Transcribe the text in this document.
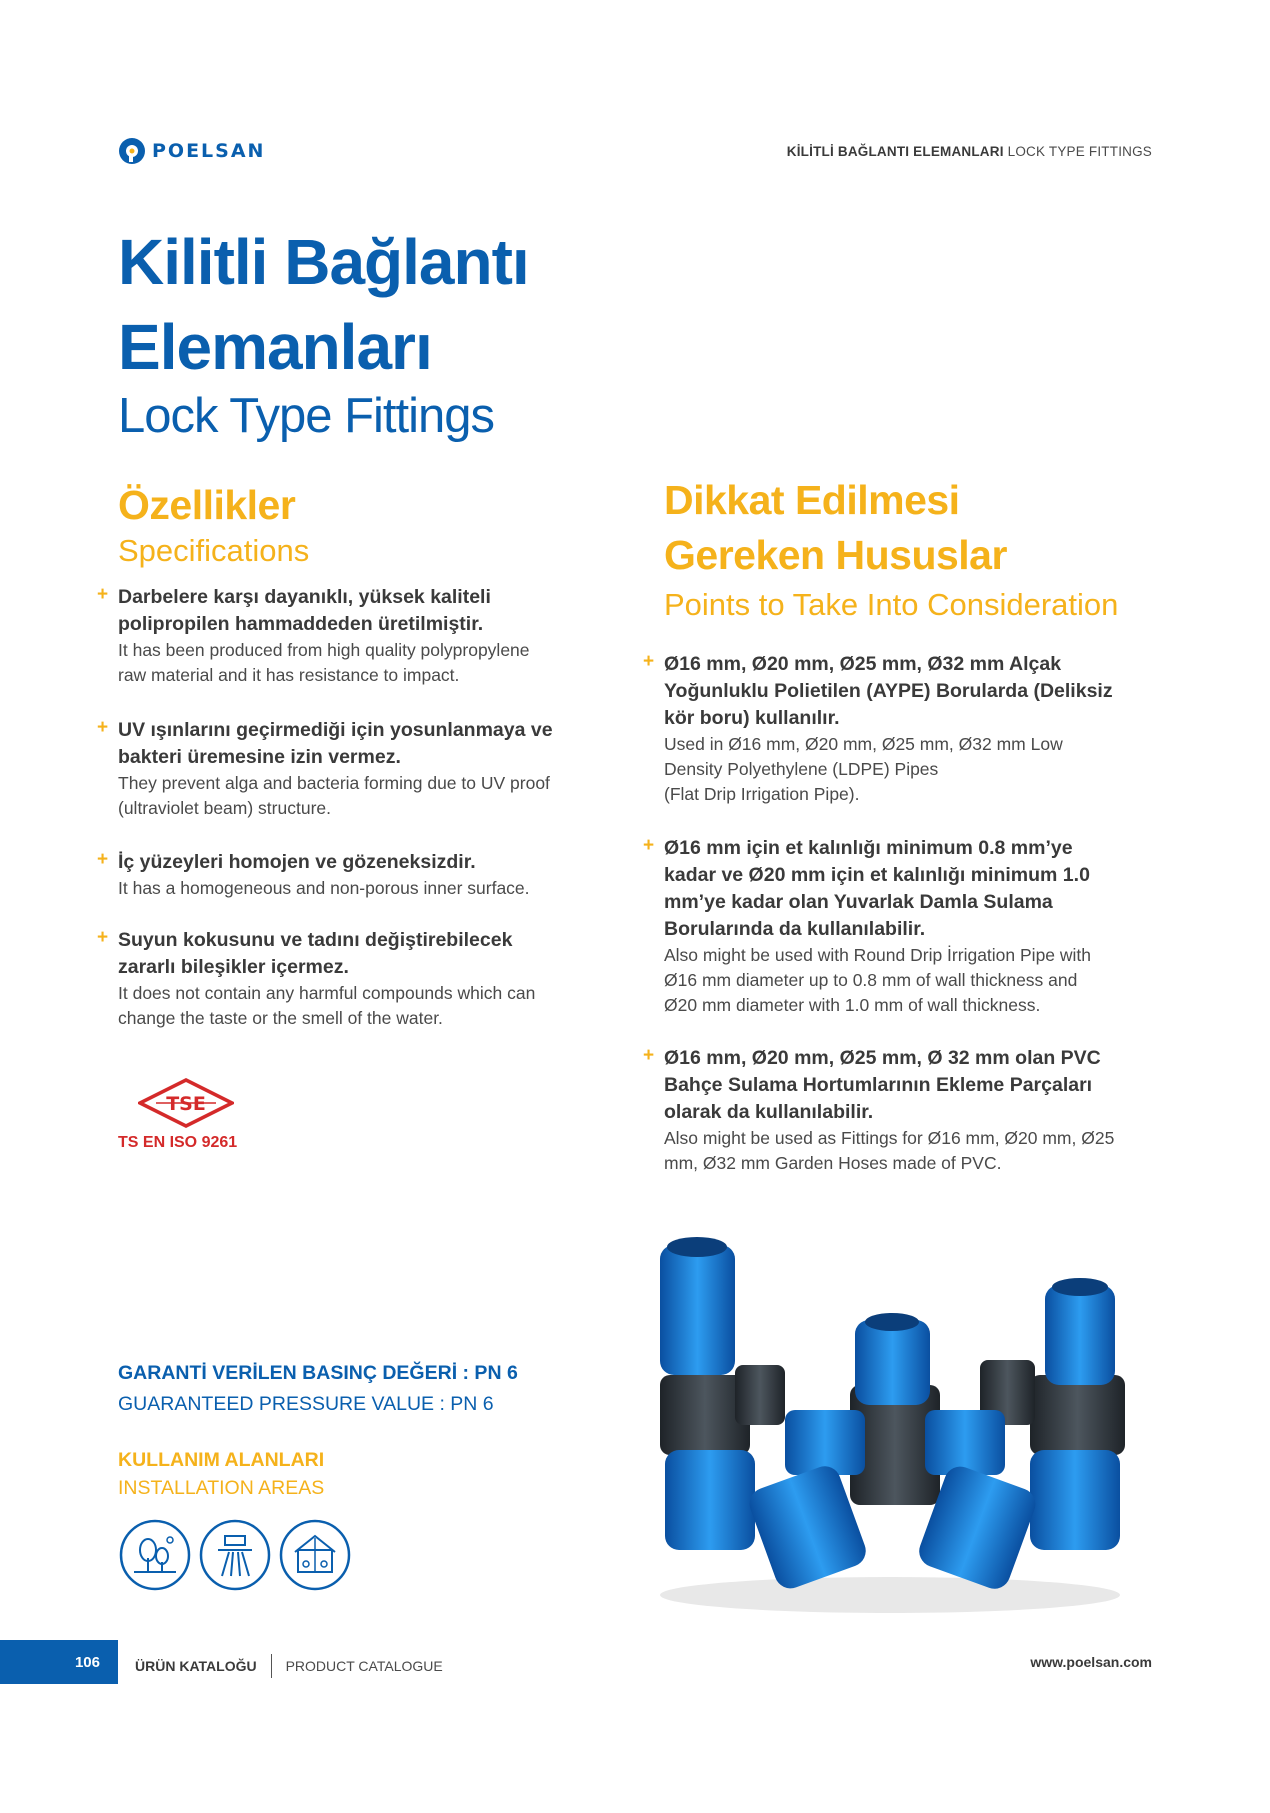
POELSAN	KİLİTLİ BAĞLANTI ELEMANLARI LOCK TYPE FITTINGS
Kilitli Bağlantı
Elemanları
Lock Type Fittings
Özellikler
Specifications
+ Darbelere karşı dayanıklı, yüksek kaliteli
polipropilen hammaddeden üretilmiştir.
It has been produced from high quality polypropylene
raw material and it has resistance to impact.
+ UV ışınlarını geçirmediği için yosunlanmaya ve
bakteri üremesine izin vermez.
They prevent alga and bacteria forming due to UV proof
(ultraviolet beam) structure.
+ İç yüzeyleri homojen ve gözeneksizdir.
It has a homogeneous and non-porous inner surface.
+ Suyun kokusunu ve tadını değiştirebilecek
zararlı bileşikler içermez.
It does not contain any harmful compounds which can
change the taste or the smell of the water.
Dikkat Edilmesi
Gereken Hususlar
Points to Take Into Consideration
+ Ø16 mm, Ø20 mm, Ø25 mm, Ø32 mm Alçak
Yoğunluklu Polietilen (AYPE) Borularda (Deliksiz
kör boru) kullanılır.
Used in Ø16 mm, Ø20 mm, Ø25 mm, Ø32 mm Low
Density Polyethylene (LDPE) Pipes
(Flat Drip Irrigation Pipe).
+ Ø16 mm için et kalınlığı minimum 0.8 mm’ye
kadar ve Ø20 mm için et kalınlığı minimum 1.0
mm’ye kadar olan Yuvarlak Damla Sulama
Borularında da kullanılabilir.
Also might be used with Round Drip İrrigation Pipe with
Ø16 mm diameter up to 0.8 mm of wall thickness and
Ø20 mm diameter with 1.0 mm of wall thickness.
+ Ø16 mm, Ø20 mm, Ø25 mm, Ø 32 mm olan PVC
Bahçe Sulama Hortumlarının Ekleme Parçaları
olarak da kullanılabilir.
Also might be used as Fittings for Ø16 mm, Ø20 mm, Ø25
mm, Ø32 mm Garden Hoses made of PVC.
TSE
TS EN ISO 9261
GARANTİ VERİLEN BASINÇ DEĞERİ : PN 6
GUARANTEED PRESSURE VALUE : PN 6
KULLANIM ALANLARI
INSTALLATION AREAS
106	ÜRÜN KATALOĞU PRODUCT CATALOGUE	www.poelsan.com
